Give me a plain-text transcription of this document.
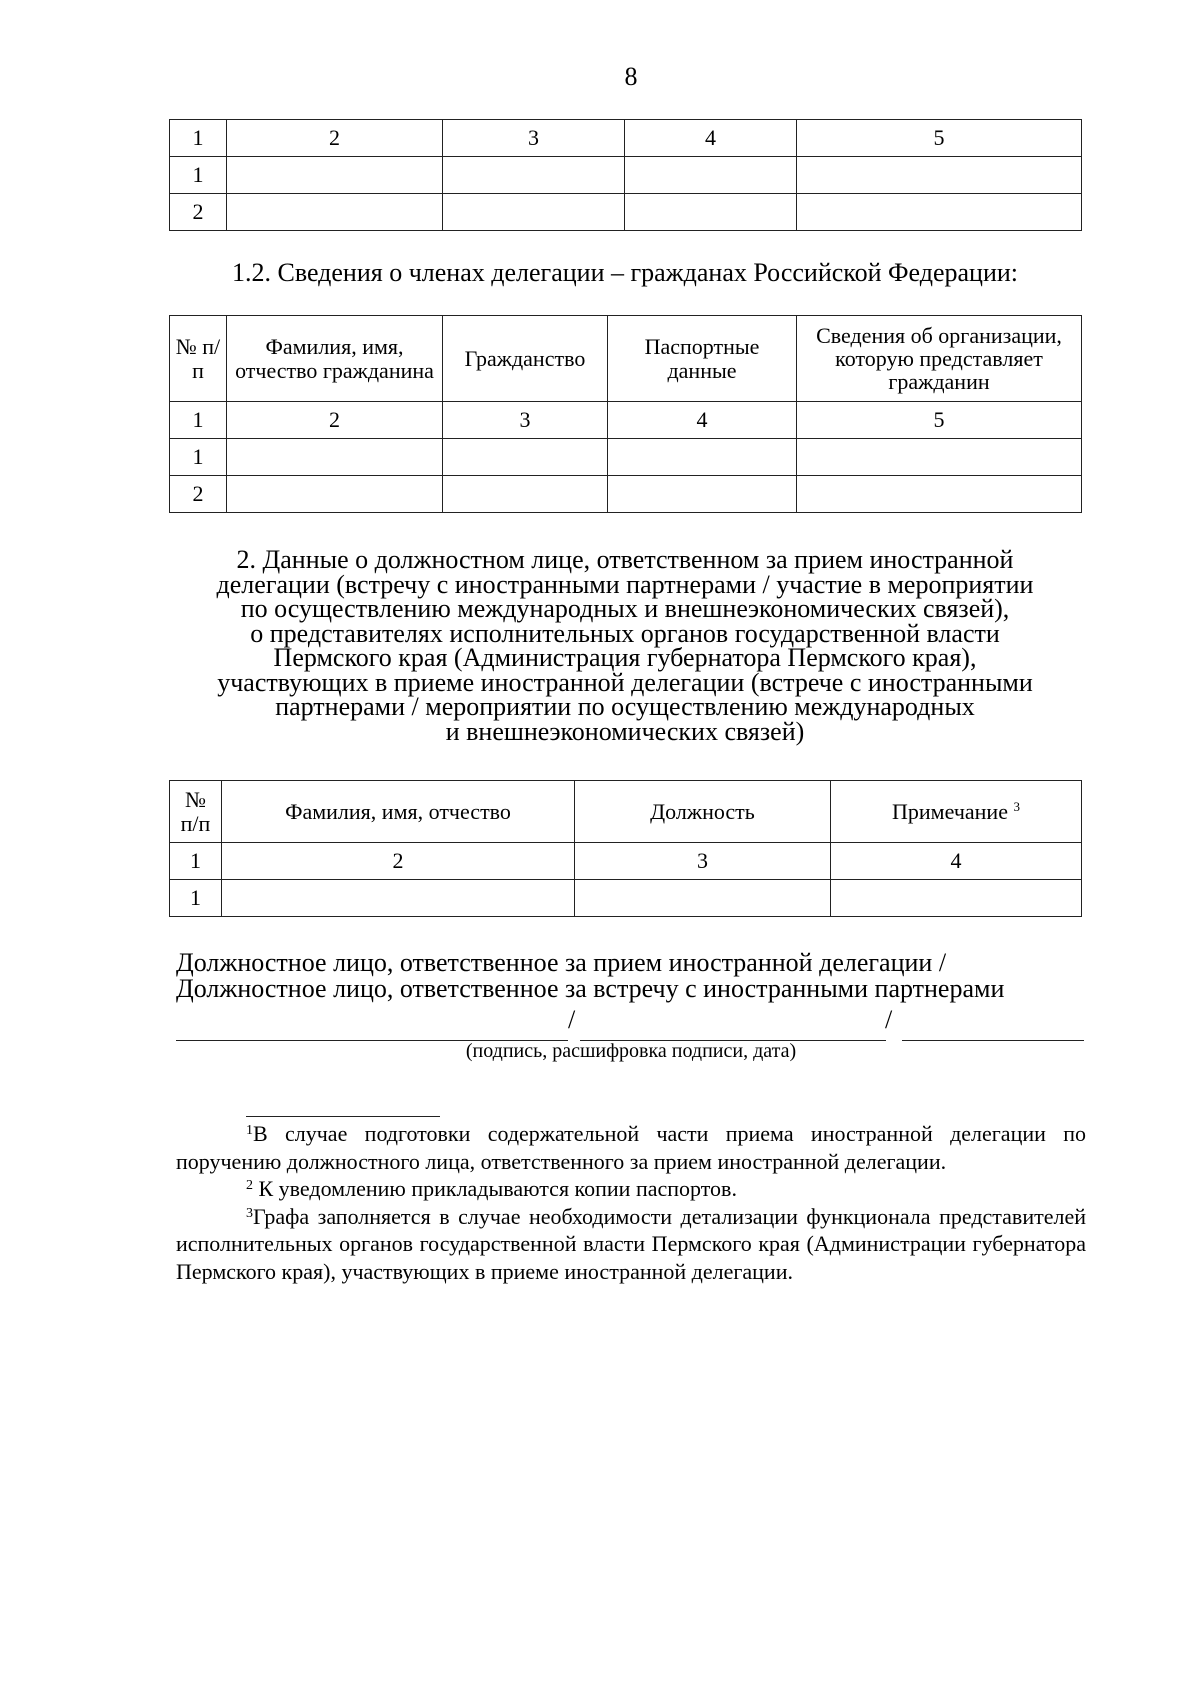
8
1	2	3	4	5
1				
2				
1.2. Сведения о членах делегации – гражданах Российской Федерации:
№ п/п	Фамилия, имя, отчество гражданина	Гражданство	Паспортные данные	Сведения об организации, которую представляет гражданин
1	2	3	4	5
1				
2				
2. Данные о должностном лице, ответственном за прием иностранной
делегации (встречу с иностранными партнерами / участие в мероприятии
по осуществлению международных и внешнеэкономических связей),
о представителях исполнительных органов государственной власти
Пермского края (Администрация губернатора Пермского края),
участвующих в приеме иностранной делегации (встрече с иностранными
партнерами / мероприятии по осуществлению международных
и внешнеэкономических связей)
№ п/п	Фамилия, имя, отчество	Должность	Примечание $^3$
1	2	3	4
1			
Должностное лицо, ответственное за прием иностранной делегации /
Должностное лицо, ответственное за встречу с иностранными партнерами
/	/
(подпись, расшифровка подписи, дата)

$^1$В случае подготовки содержательной части приема иностранной делегации по поручению должностного лица, ответственного за прием иностранной делегации.

$^2$ К уведомлению прикладываются копии паспортов.

$^3$Графа заполняется в случае необходимости детализации функционала представителей исполнительных органов государственной власти Пермского края (Администрации губернатора Пермского края), участвующих в приеме иностранной делегации.
